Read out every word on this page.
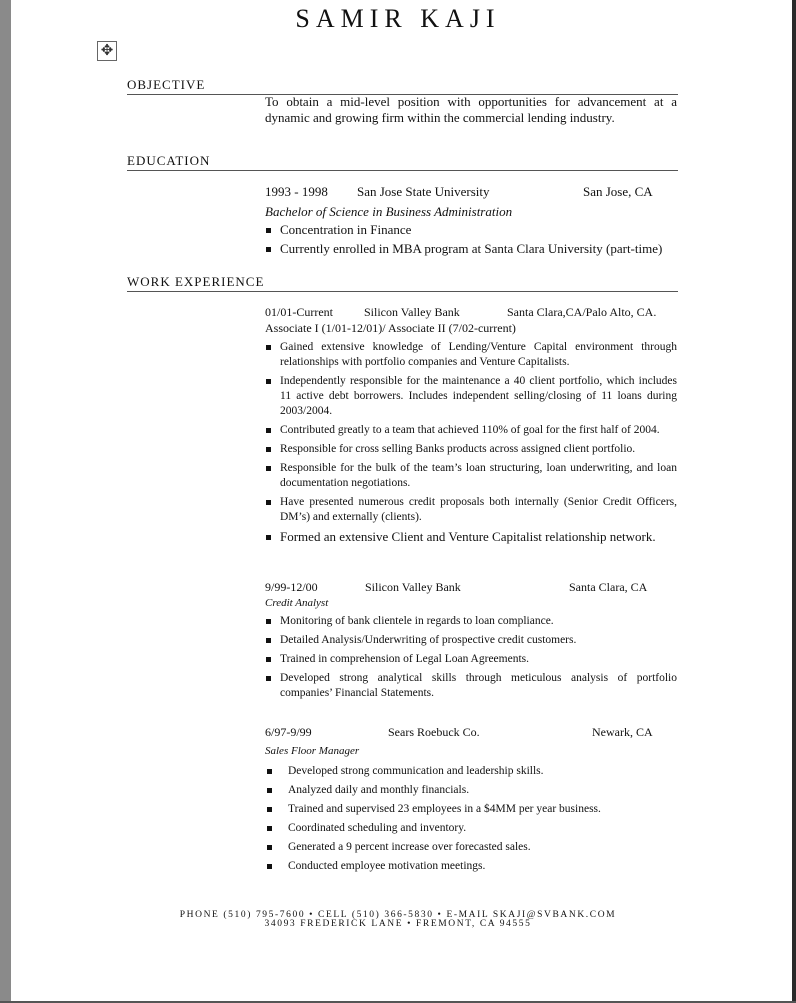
SAMIR KAJI
✥
OBJECTIVE
To obtain a mid-level position with opportunities for advancement at a dynamic and growing firm within the commercial lending industry.
EDUCATION
1993 - 1998 San Jose State University	San Jose, CA
Bachelor of Science in Business Administration
Concentration in Finance
Currently enrolled in MBA program at Santa Clara University (part-time)
WORK EXPERIENCE
01/01-Current	Silicon Valley Bank	Santa Clara,CA/Palo Alto, CA.
Associate I (1/01-12/01)/ Associate II (7/02-current)
Gained extensive knowledge of Lending/Venture Capital environment through relationships with portfolio companies and Venture Capitalists.
Independently responsible for the maintenance a 40 client portfolio, which includes 11 active debt borrowers. Includes independent selling/closing of 11 loans during 2003/2004.
Contributed greatly to a team that achieved 110% of goal for the first half of 2004.
Responsible for cross selling Banks products across assigned client portfolio.
Responsible for the bulk of the team’s loan structuring, loan underwriting, and loan documentation negotiations.
Have presented numerous credit proposals both internally (Senior Credit Officers, DM’s) and externally (clients).
Formed an extensive Client and Venture Capitalist relationship network.
9/99-12/00	Silicon Valley Bank	Santa Clara, CA
Credit Analyst
Monitoring of bank clientele in regards to loan compliance.
Detailed Analysis/Underwriting of prospective credit customers.
Trained in comprehension of Legal Loan Agreements.
Developed strong analytical skills through meticulous analysis of portfolio companies’ Financial Statements.
6/97-9/99	Sears Roebuck Co.	Newark, CA
Sales Floor Manager
Developed strong communication and leadership skills.
Analyzed daily and monthly financials.
Trained and supervised 23 employees in a $4MM per year business.
Coordinated scheduling and inventory.
Generated a 9 percent increase over forecasted sales.
Conducted employee motivation meetings.
PHONE (510) 795-7600 • CELL (510) 366-5830 • E-MAIL SKAJI@SVBANK.COM
34093 FREDERICK LANE • FREMONT, CA 94555
